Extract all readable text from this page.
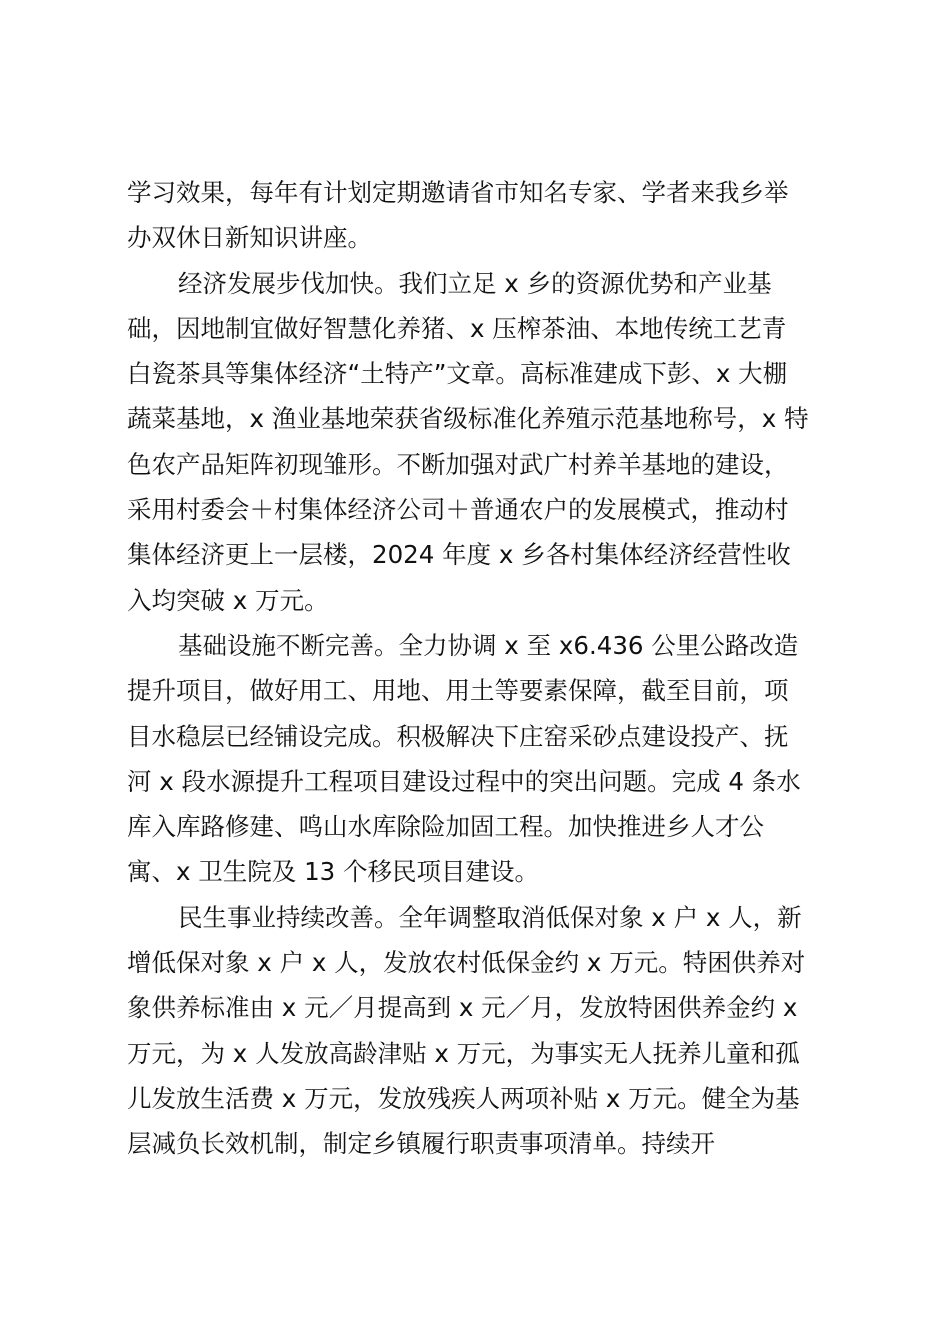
学习效果，每年有计划定期邀请省市知名专家、学者来我乡举
办双休日新知识讲座。
经济发展步伐加快。我们立足 x 乡的资源优势和产业基
础，因地制宜做好智慧化养猪、x 压榨茶油、本地传统工艺青
白瓷茶具等集体经济“土特产”文章。高标准建成下彭、x 大棚
蔬菜基地，x 渔业基地荣获省级标准化养殖示范基地称号，x 特
色农产品矩阵初现雏形。不断加强对武广村养羊基地的建设，
采用村委会＋村集体经济公司＋普通农户的发展模式，推动村
集体经济更上一层楼，2024 年度 x 乡各村集体经济经营性收
入均突破 x 万元。
基础设施不断完善。全力协调 x 至 x6.436 公里公路改造
提升项目，做好用工、用地、用土等要素保障，截至目前，项
目水稳层已经铺设完成。积极解决下庄窑采砂点建设投产、抚
河 x 段水源提升工程项目建设过程中的突出问题。完成 4 条水
库入库路修建、鸣山水库除险加固工程。加快推进乡人才公
寓、x 卫生院及 13 个移民项目建设。
民生事业持续改善。全年调整取消低保对象 x 户 x 人，新
增低保对象 x 户 x 人，发放农村低保金约 x 万元。特困供养对
象供养标准由 x 元／月提高到 x 元／月，发放特困供养金约 x
万元，为 x 人发放高龄津贴 x 万元，为事实无人抚养儿童和孤
儿发放生活费 x 万元，发放残疾人两项补贴 x 万元。健全为基
层减负长效机制，制定乡镇履行职责事项清单。持续开
